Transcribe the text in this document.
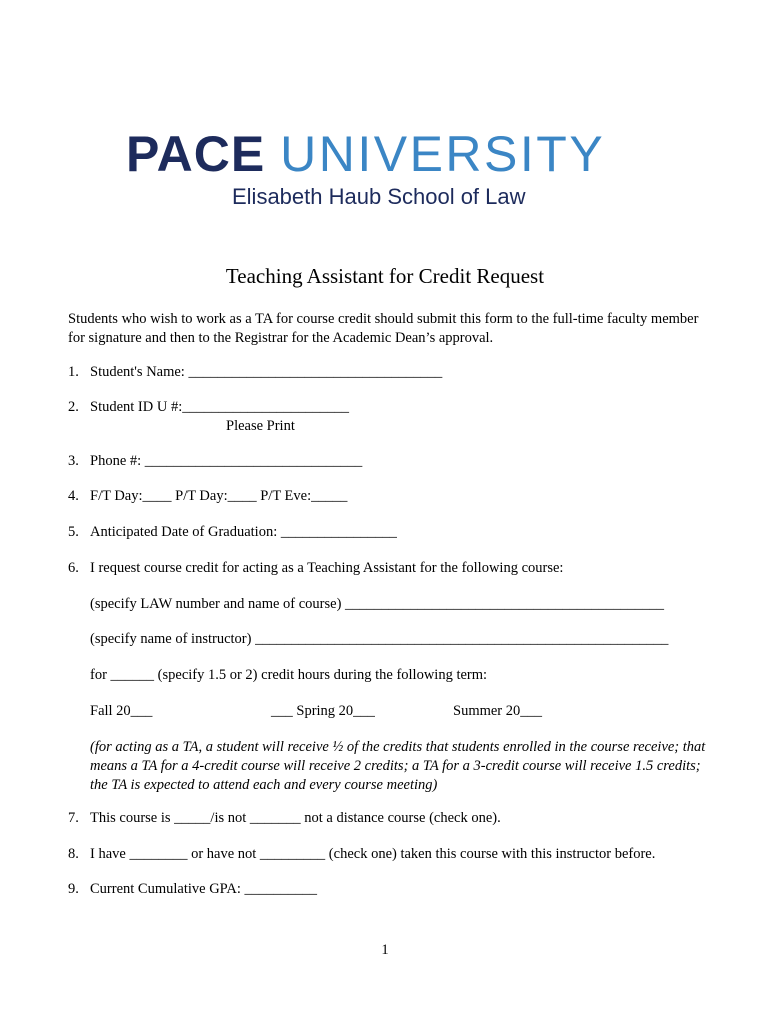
PACE UNIVERSITY
Elisabeth Haub School of Law
Teaching Assistant for Credit Request
Students who wish to work as a TA for course credit should submit this form to the full-time faculty member for signature and then to the Registrar for the Academic Dean’s approval.
1. Student's Name: ___________________________________
2. Student ID U #:_______________________
Please Print
3. Phone #: ______________________________
4. F/T Day:____ P/T Day:____ P/T Eve:_____
5. Anticipated Date of Graduation: ________________
6. I request course credit for acting as a Teaching Assistant for the following course:
(specify LAW number and name of course) ____________________________________________
(specify name of instructor) _________________________________________________________
for ______ (specify 1.5 or 2) credit hours during the following term:
Fall 20___	___ Spring 20___	Summer 20___
(for acting as a TA, a student will receive ½ of the credits that students enrolled in the course receive; that means a TA for a 4-credit course will receive 2 credits; a TA for a 3-credit course will receive 1.5 credits; the TA is expected to attend each and every course meeting)
7. This course is _____/is not _______ not a distance course (check one).
8. I have ________ or have not _________ (check one) taken this course with this instructor before.
9. Current Cumulative GPA: __________
1
